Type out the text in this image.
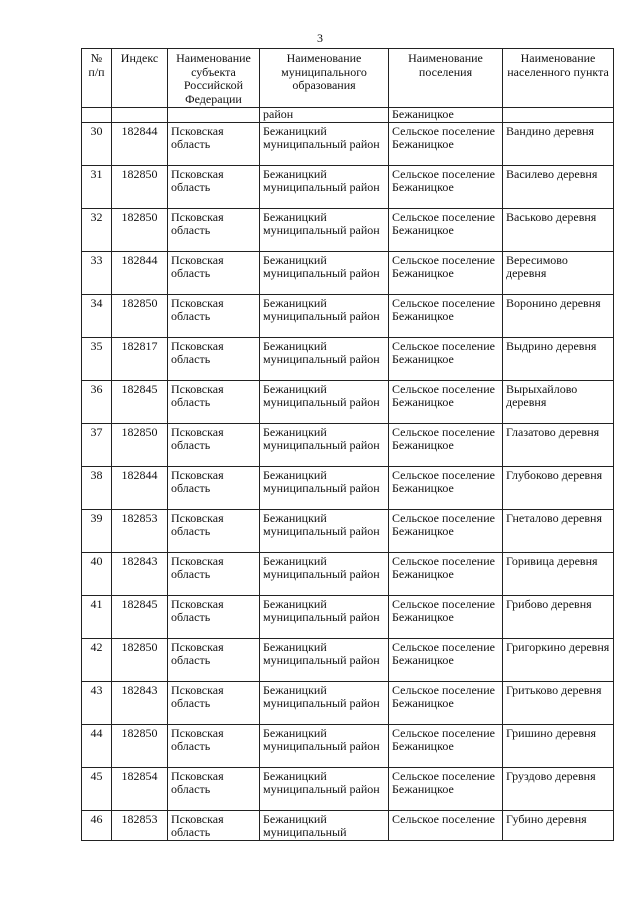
3
№ п/п	Индекс	Наименование субъекта Российской Федерации	Наименование муниципального образования	Наименование поселения	Наименование населенного пункта
			район	Бежаницкое	
30	182844	Псковская область	Бежаницкий муниципальный район	Сельское поселение Бежаницкое	Вандино деревня
31	182850	Псковская область	Бежаницкий муниципальный район	Сельское поселение Бежаницкое	Василево деревня
32	182850	Псковская область	Бежаницкий муниципальный район	Сельское поселение Бежаницкое	Васьково деревня
33	182844	Псковская область	Бежаницкий муниципальный район	Сельское поселение Бежаницкое	Вересимово деревня
34	182850	Псковская область	Бежаницкий муниципальный район	Сельское поселение Бежаницкое	Воронино деревня
35	182817	Псковская область	Бежаницкий муниципальный район	Сельское поселение Бежаницкое	Выдрино деревня
36	182845	Псковская область	Бежаницкий муниципальный район	Сельское поселение Бежаницкое	Вырыхайлово деревня
37	182850	Псковская область	Бежаницкий муниципальный район	Сельское поселение Бежаницкое	Глазатово деревня
38	182844	Псковская область	Бежаницкий муниципальный район	Сельское поселение Бежаницкое	Глубоково деревня
39	182853	Псковская область	Бежаницкий муниципальный район	Сельское поселение Бежаницкое	Гнеталово деревня
40	182843	Псковская область	Бежаницкий муниципальный район	Сельское поселение Бежаницкое	Горивица деревня
41	182845	Псковская область	Бежаницкий муниципальный район	Сельское поселение Бежаницкое	Грибово деревня
42	182850	Псковская область	Бежаницкий муниципальный район	Сельское поселение Бежаницкое	Григоркино деревня
43	182843	Псковская область	Бежаницкий муниципальный район	Сельское поселение Бежаницкое	Гритьково деревня
44	182850	Псковская область	Бежаницкий муниципальный район	Сельское поселение Бежаницкое	Гришино деревня
45	182854	Псковская область	Бежаницкий муниципальный район	Сельское поселение Бежаницкое	Груздово деревня
46	182853	Псковская область	Бежаницкий муниципальный	Сельское поселение	Губино деревня
